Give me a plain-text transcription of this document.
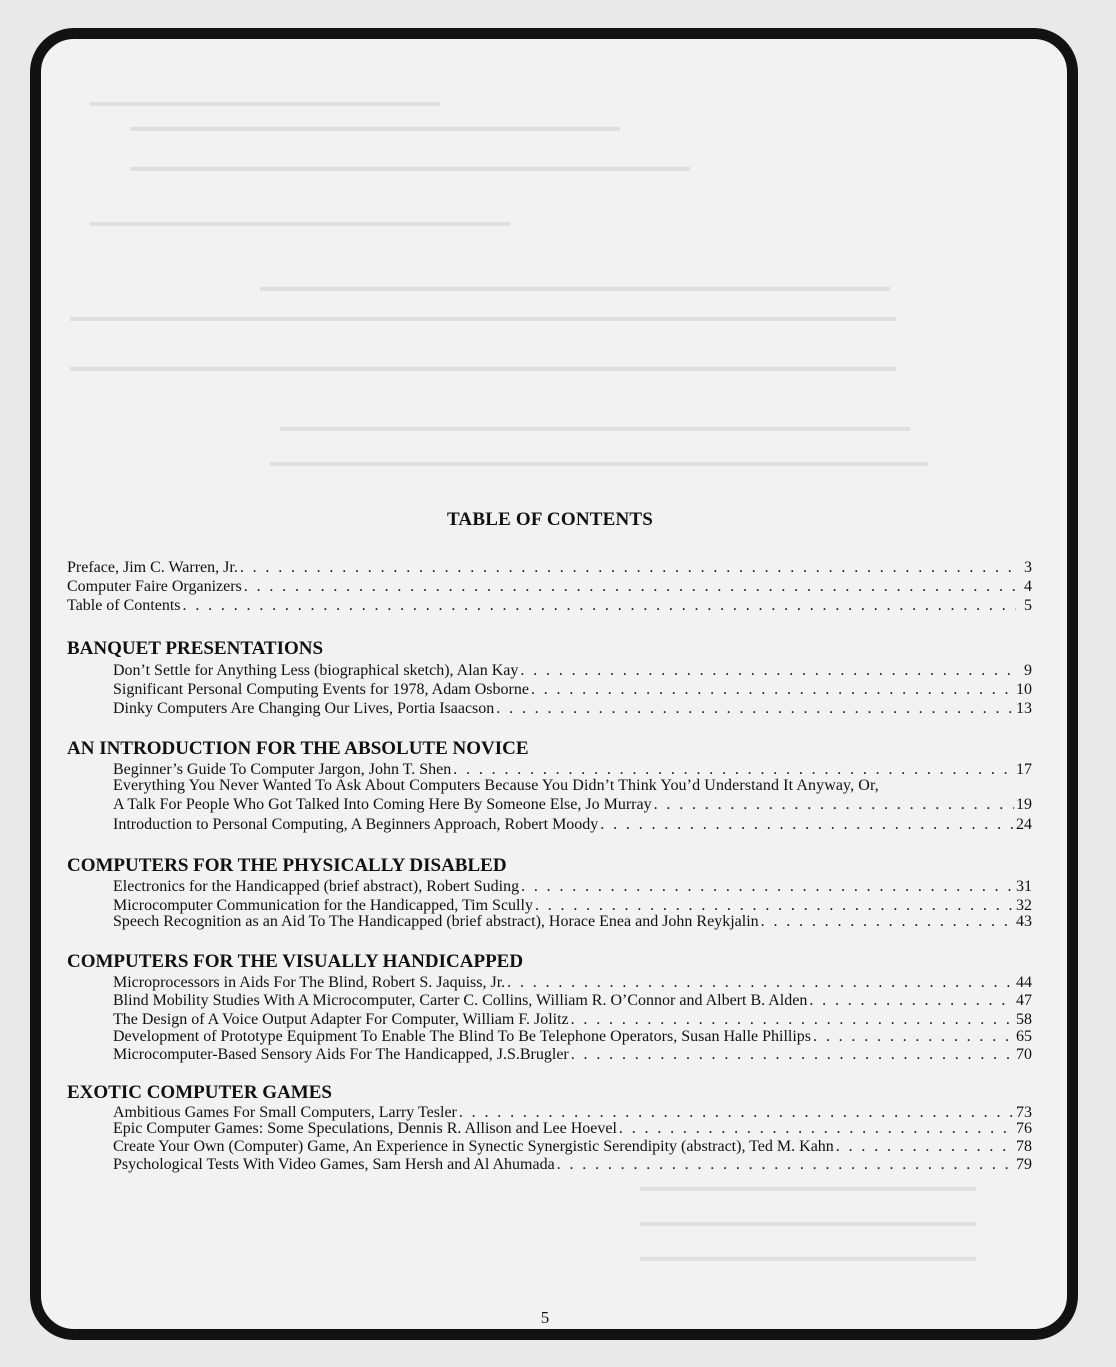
▬▬▬▬▬▬▬▬▬▬▬▬▬▬▬▬▬▬▬▬▬▬▬▬▬
▬▬▬▬▬▬▬▬▬▬▬▬▬▬▬▬▬▬▬▬▬▬▬▬▬▬▬▬▬▬▬▬▬▬▬
▬▬▬▬▬▬▬▬▬▬▬▬▬▬▬▬▬▬▬▬▬▬▬▬▬▬▬▬▬▬▬▬▬▬▬▬▬▬▬▬
▬▬▬▬▬▬▬▬▬▬▬▬▬▬▬▬▬▬▬▬▬▬▬▬▬▬▬▬▬▬
▬▬▬▬▬▬▬▬▬▬▬▬▬▬▬▬▬▬▬▬▬▬▬▬▬▬▬▬▬▬▬▬▬▬▬▬▬▬▬▬▬▬▬▬▬
▬▬▬▬▬▬▬▬▬▬▬▬▬▬▬▬▬▬▬▬▬▬▬▬▬▬▬▬▬▬▬▬▬▬▬▬▬▬▬▬▬▬▬▬▬▬▬▬▬▬▬▬▬▬▬▬▬▬▬
▬▬▬▬▬▬▬▬▬▬▬▬▬▬▬▬▬▬▬▬▬▬▬▬▬▬▬▬▬▬▬▬▬▬▬▬▬▬▬▬▬▬▬▬▬▬▬▬▬▬▬▬▬▬▬▬▬▬▬
▬▬▬▬▬▬▬▬▬▬▬▬▬▬▬▬▬▬▬▬▬▬▬▬▬▬▬▬▬▬▬▬▬▬▬▬▬▬▬▬▬▬▬▬▬
▬▬▬▬▬▬▬▬▬▬▬▬▬▬▬▬▬▬▬▬▬▬▬▬▬▬▬▬▬▬▬▬▬▬▬▬▬▬▬▬▬▬▬▬▬▬▬
▬▬▬▬▬▬▬▬▬▬▬▬▬▬▬▬▬▬▬▬▬▬▬▬
▬▬▬▬▬▬▬▬▬▬▬▬▬▬▬▬▬▬▬▬▬▬▬▬
▬▬▬▬▬▬▬▬▬▬▬▬▬▬▬▬▬▬▬▬▬▬▬▬
TABLE OF CONTENTS
Preface, Jim C. Warren, Jr. . . .	3
Computer Faire Organizers . . .	4
Table of Contents . . .	5
BANQUET PRESENTATIONS
Don’t Settle for Anything Less (biographical sketch), Alan Kay . . .	9
Significant Personal Computing Events for 1978, Adam Osborne . . .	10
Dinky Computers Are Changing Our Lives, Portia Isaacson . . .	13
AN INTRODUCTION FOR THE ABSOLUTE NOVICE
Beginner’s Guide To Computer Jargon, John T. Shen . . .	17
Everything You Never Wanted To Ask About Computers Because You Didn’t Think You’d Understand It Anyway, Or,
A Talk For People Who Got Talked Into Coming Here By Someone Else, Jo Murray . . .	19
Introduction to Personal Computing, A Beginners Approach, Robert Moody . . .	24
COMPUTERS FOR THE PHYSICALLY DISABLED
Electronics for the Handicapped (brief abstract), Robert Suding . . .	31
Microcomputer Communication for the Handicapped, Tim Scully . . .	32
Speech Recognition as an Aid To The Handicapped (brief abstract), Horace Enea and John Reykjalin . . .	43
COMPUTERS FOR THE VISUALLY HANDICAPPED
Microprocessors in Aids For The Blind, Robert S. Jaquiss, Jr. . . .	44
Blind Mobility Studies With A Microcomputer, Carter C. Collins, William R. O’Connor and Albert B. Alden . . .	47
The Design of A Voice Output Adapter For Computer, William F. Jolitz . . .	58
Development of Prototype Equipment To Enable The Blind To Be Telephone Operators, Susan Halle Phillips . . .	65
Microcomputer-Based Sensory Aids For The Handicapped, J.S.Brugler . . .	70
EXOTIC COMPUTER GAMES
Ambitious Games For Small Computers, Larry Tesler . . .	73
Epic Computer Games: Some Speculations, Dennis R. Allison and Lee Hoevel . . .	76
Create Your Own (Computer) Game, An Experience in Synectic Synergistic Serendipity (abstract), Ted M. Kahn . . .	78
Psychological Tests With Video Games, Sam Hersh and Al Ahumada . . .	79
5
